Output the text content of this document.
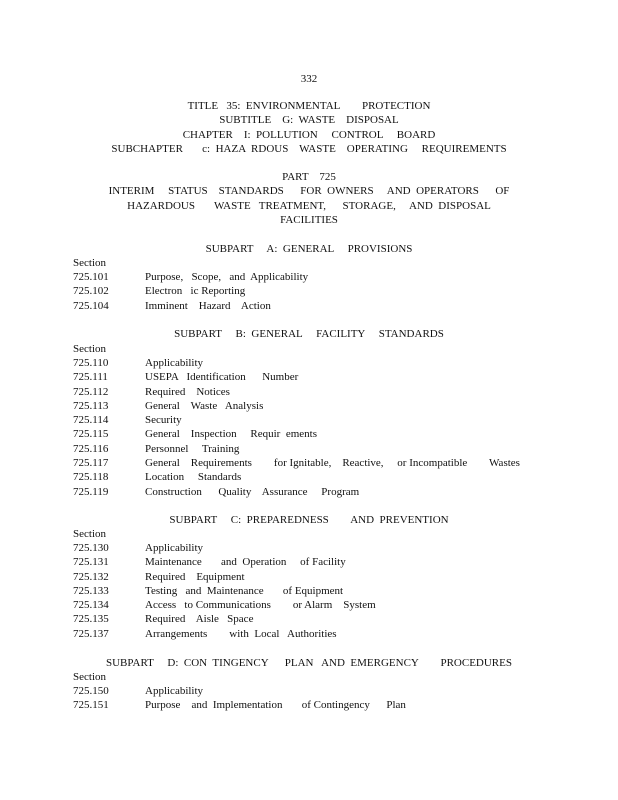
332
TITLE   35:  ENVIRONMENTAL        PROTECTION
SUBTITLE    G:  WASTE    DISPOSAL
CHAPTER    I:  POLLUTION     CONTROL     BOARD
SUBCHAPTER       c:  HAZA  RDOUS    WASTE    OPERATING     REQUIREMENTS
PART    725
INTERIM     STATUS    STANDARDS      FOR  OWNERS     AND  OPERATORS      OF
HAZARDOUS       WASTE   TREATMENT,      STORAGE,     AND  DISPOSAL
FACILITIES
SUBPART     A:  GENERAL     PROVISIONS
Section
725.101	Purpose,   Scope,   and  Applicability
725.102	Electron   ic Reporting
725.104	Imminent    Hazard    Action
SUBPART     B:  GENERAL     FACILITY     STANDARDS
Section
725.110	Applicability
725.111	USEPA   Identification      Number
725.112	Required    Notices
725.113	General    Waste   Analysis
725.114	Security
725.115	General    Inspection     Requir  ements
725.116	Personnel     Training
725.117	General    Requirements        for Ignitable,    Reactive,     or Incompatible        Wastes
725.118	Location     Standards
725.119	Construction      Quality    Assurance     Program
SUBPART     C:  PREPAREDNESS        AND  PREVENTION
Section
725.130	Applicability
725.131	Maintenance       and  Operation     of Facility
725.132	Required    Equipment
725.133	Testing   and  Maintenance       of Equipment
725.134	Access   to Communications        or Alarm    System
725.135	Required    Aisle   Space
725.137	Arrangements        with  Local   Authorities
SUBPART     D:  CON  TINGENCY      PLAN   AND  EMERGENCY        PROCEDURES
Section
725.150	Applicability
725.151	Purpose    and  Implementation       of Contingency      Plan
